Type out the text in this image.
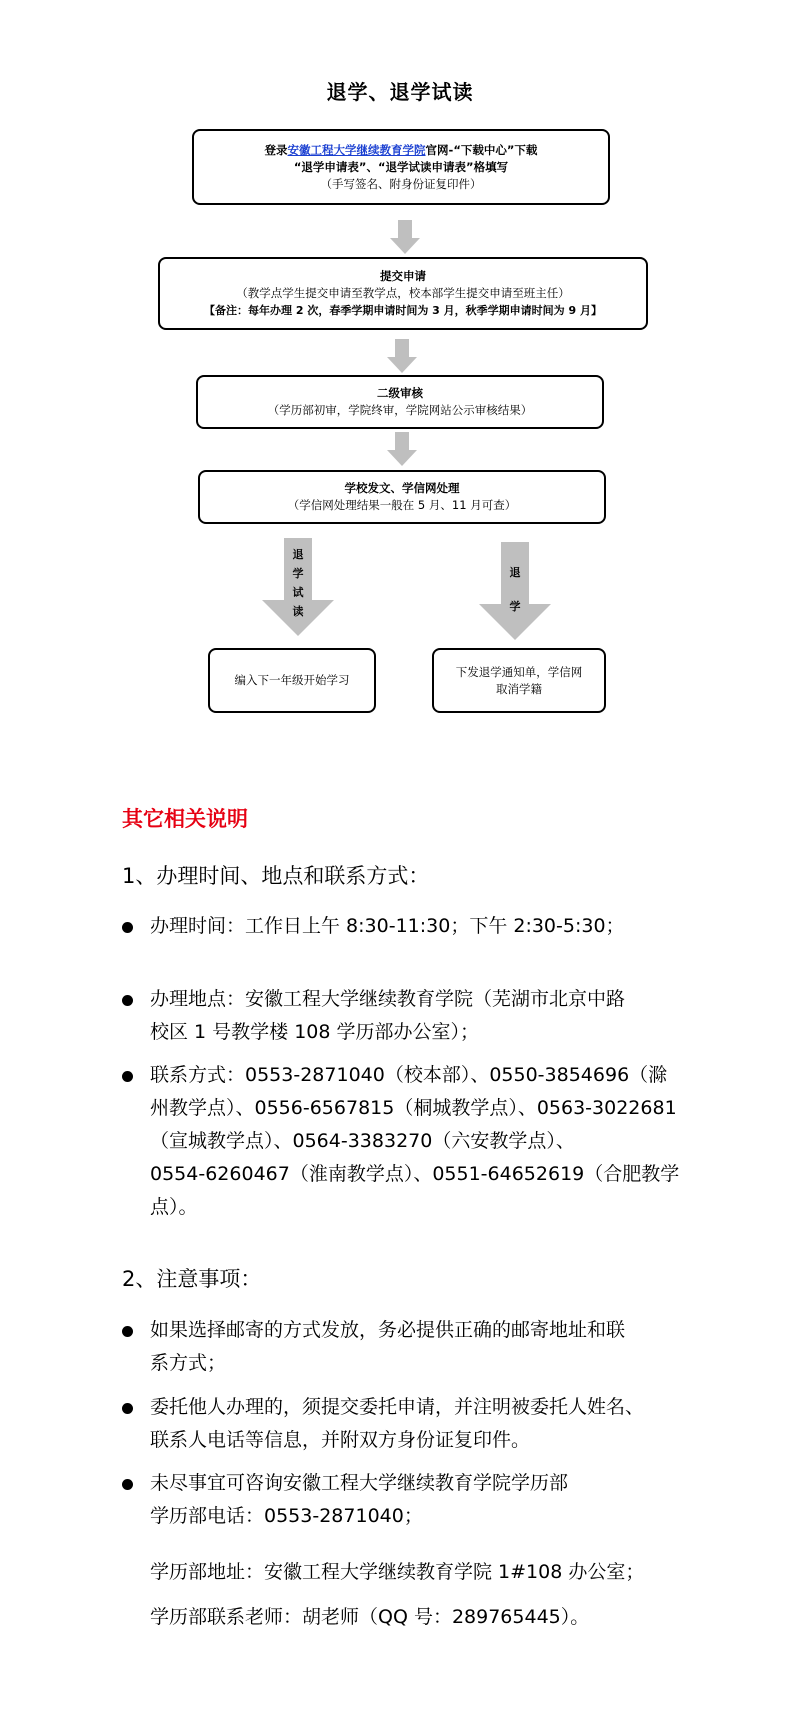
退学、退学试读
登录安徽工程大学继续教育学院官网-“下载中心”下载
“退学申请表”、“退学试读申请表”格填写
（手写签名、附身份证复印件）
提交申请
（教学点学生提交申请至教学点，校本部学生提交申请至班主任）
【备注：每年办理 2 次，春季学期申请时间为 3 月，秋季学期申请时间为 9 月】
二级审核
（学历部初审，学院终审，学院网站公示审核结果）
学校发文、学信网处理
（学信网处理结果一般在 5 月、11 月可查）
退
学
试
读
退
学
编入下一年级开始学习
下发退学通知单，学信网
取消学籍
其它相关说明
1、办理时间、地点和联系方式：
办理时间：工作日上午 8:30-11:30；下午 2:30-5:30；
办理地点：安徽工程大学继续教育学院（芜湖市北京中路
校区 1 号教学楼 108 学历部办公室）；
联系方式：0553-2871040（校本部）、0550-3854696（滁
州教学点）、0556-6567815（桐城教学点）、0563-3022681
（宣城教学点）、0564-3383270（六安教学点）、
0554-6260467（淮南教学点）、0551-64652619（合肥教学
点）。
2、注意事项：
如果选择邮寄的方式发放，务必提供正确的邮寄地址和联
系方式；
委托他人办理的，须提交委托申请，并注明被委托人姓名、
联系人电话等信息，并附双方身份证复印件。
未尽事宜可咨询安徽工程大学继续教育学院学历部
学历部电话：0553-2871040；
学历部地址：安徽工程大学继续教育学院 1#108 办公室；
学历部联系老师：胡老师（QQ 号：289765445）。
